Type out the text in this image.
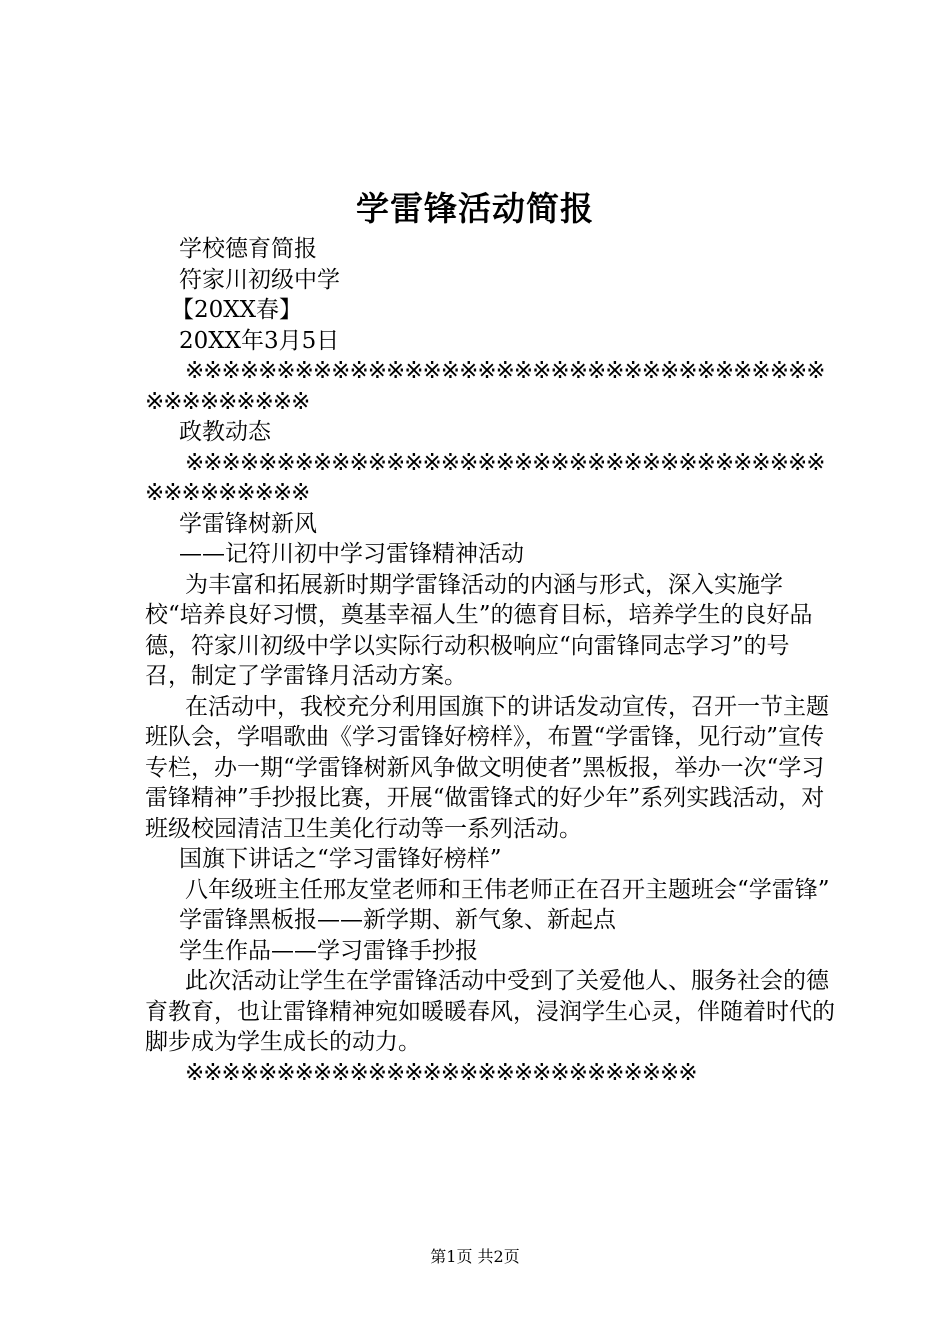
学雷锋活动简报

学校德育简报

符家川初级中学

【20XX春】

20XX年3月5日

※※※※※※※※※※※※※※※※※※※※※※※※※※※※※※※※※※※※※※※※※※※※

政教动态

※※※※※※※※※※※※※※※※※※※※※※※※※※※※※※※※※※※※※※※※※※※※

学雷锋树新风

——记符川初中学习雷锋精神活动

为丰富和拓展新时期学雷锋活动的内涵与形式，深入实施学校“培养良好习惯，奠基幸福人生”的德育目标，培养学生的良好品德，符家川初级中学以实际行动积极响应“向雷锋同志学习”的号召，制定了学雷锋月活动方案。

在活动中，我校充分利用国旗下的讲话发动宣传，召开一节主题班队会，学唱歌曲《学习雷锋好榜样》，布置“学雷锋，见行动”宣传专栏，办一期“学雷锋树新风争做文明使者”黑板报，举办一次“学习雷锋精神”手抄报比赛，开展“做雷锋式的好少年”系列实践活动，对班级校园清洁卫生美化行动等一系列活动。

国旗下讲话之“学习雷锋好榜样”

八年级班主任邢友堂老师和王伟老师正在召开主题班会“学雷锋”

学雷锋黑板报——新学期、新气象、新起点

学生作品——学习雷锋手抄报

此次活动让学生在学雷锋活动中受到了关爱他人、服务社会的德育教育，也让雷锋精神宛如暖暖春风，浸润学生心灵，伴随着时代的脚步成为学生成长的动力。

※※※※※※※※※※※※※※※※※※※※※※※※※※※※

第1页 共2页
